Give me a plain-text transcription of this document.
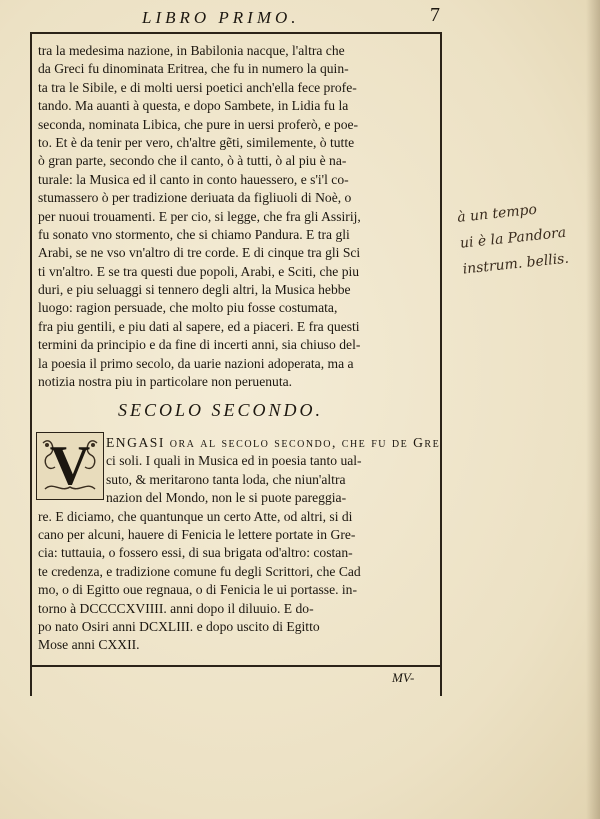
LIBRO PRIMO.	7
tra la medesima nazione, in Babilonia nacque, l'altra che
da Greci fu dinominata Eritrea, che fu in numero la quin-
ta tra le Sibile, e di molti uersi poetici anch'ella fece profe-
tando. Ma auanti à questa, e dopo Sambete, in Lidia fu la
seconda, nominata Libica, che pure in uersi proferò, e poe-
to. Et è da tenir per vero, ch'altre gẽti, similemente, ò tutte
ò gran parte, secondo che il canto, ò à tutti, ò al piu è na-
turale: la Musica ed il canto in conto hauessero, e s'i'l co-
stumassero ò per tradizione deriuata da figliuoli di Noè, o
per nuoui trouamenti. E per cio, si legge, che fra gli Assirij,
fu sonato vno stormento, che si chiamo Pandura. E tra gli
Arabi, se ne vso vn'altro di tre corde. E di cinque tra gli Sci
ti vn'altro. E se tra questi due popoli, Arabi, e Sciti, che piu
duri, e piu seluaggi si tennero degli altri, la Musica hebbe
luogo: ragion persuade, che molto piu fosse costumata,
fra piu gentili, e piu dati al sapere, ed a piaceri. E fra questi
termini da principio e da fine di incerti anni, sia chiuso del-
la poesia il primo secolo, da uarie nazioni adoperata, ma a
notizia nostra piu in particolare non peruenuta.
SECOLO SECONDO.
V	ENGASI ora al secolo secondo, che fu de Gre
ci soli. I quali in Musica ed in poesia tanto ual-
suto, & meritarono tanta loda, che niun'altra
nazion del Mondo, non le si puote pareggia-
re. E diciamo, che quantunque un certo Atte, od altri, si di
cano per alcuni, hauere di Fenicia le lettere portate in Gre-
cia: tuttauia, o fossero essi, di sua brigata od'altro: costan-
te credenza, e tradizione comune fu degli Scrittori, che Cad
mo, o di Egitto oue regnaua, o di Fenicia le ui portasse. in-
torno à DCCCCXVIIII. anni dopo il diluuio. E do-
po nato Osiri anni DCXLIII. e dopo uscito di Egitto
Mose anni CXXII.
MV-
à un tempo
ui è la Pandora
instrum. bellis.
